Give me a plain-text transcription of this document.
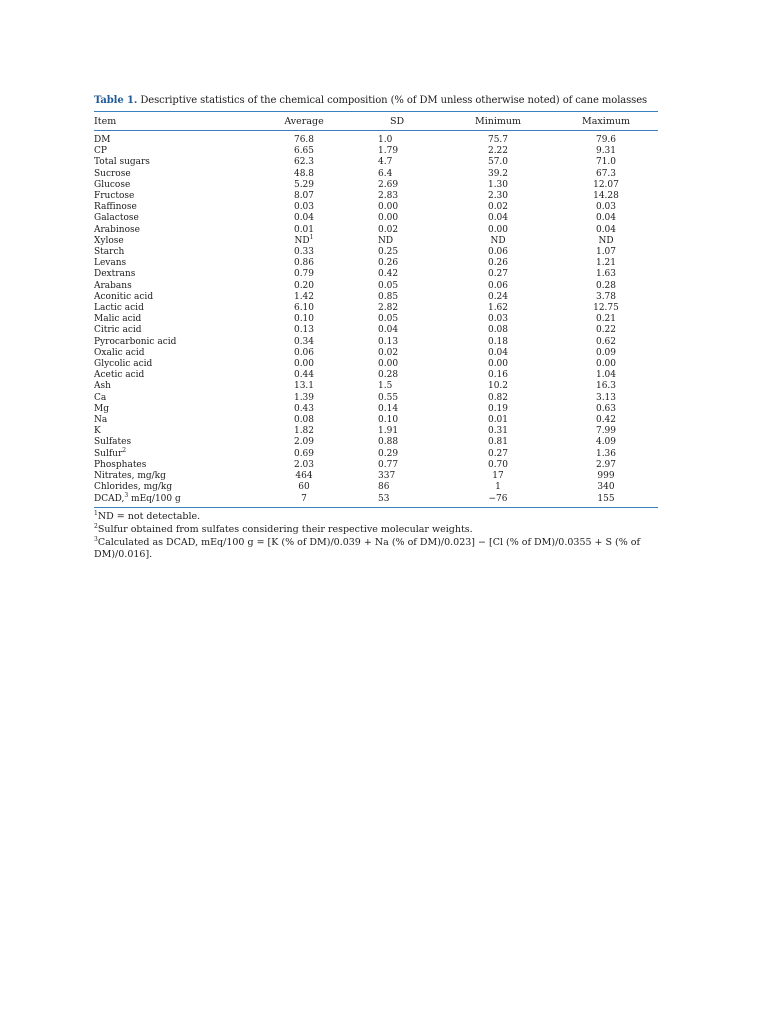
Table 1. Descriptive statistics of the chemical composition (% of DM unless otherwise noted) of cane molasses
Item	Average	SD	Minimum	Maximum

DM	76.8	1.0	75.7	79.6
CP	6.65	1.79	2.22	9.31
Total sugars	62.3	4.7	57.0	71.0
Sucrose	48.8	6.4	39.2	67.3
Glucose	5.29	2.69	1.30	12.07
Fructose	8.07	2.83	2.30	14.28
Raffinose	0.03	0.00	0.02	0.03
Galactose	0.04	0.00	0.04	0.04
Arabinose	0.01	0.02	0.00	0.04
Xylose	$ND^1$	ND	ND	ND
Starch	0.33	0.25	0.06	1.07
Levans	0.86	0.26	0.26	1.21
Dextrans	0.79	0.42	0.27	1.63
Arabans	0.20	0.05	0.06	0.28
Aconitic acid	1.42	0.85	0.24	3.78
Lactic acid	6.10	2.82	1.62	12.75
Malic acid	0.10	0.05	0.03	0.21
Citric acid	0.13	0.04	0.08	0.22
Pyrocarbonic acid	0.34	0.13	0.18	0.62
Oxalic acid	0.06	0.02	0.04	0.09
Glycolic acid	0.00	0.00	0.00	0.00
Acetic acid	0.44	0.28	0.16	1.04
Ash	13.1	1.5	10.2	16.3
Ca	1.39	0.55	0.82	3.13
Mg	0.43	0.14	0.19	0.63
Na	0.08	0.10	0.01	0.42
K	1.82	1.91	0.31	7.99
Sulfates	2.09	0.88	0.81	4.09
Sulfur$^2$	0.69	0.29	0.27	1.36
Phosphates	2.03	0.77	0.70	2.97
Nitrates, mg/kg	464	337	17	999
Chlorides, mg/kg	60	86	1	340
DCAD,$^3$ mEq/100 g	7	53	−76	155

$^1$ND = not detectable.

$^2$Sulfur obtained from sulfates considering their respective molecular weights.

$^3$Calculated as DCAD, mEq/100 g = [K (% of DM)/0.039 + Na (% of DM)/0.023] − [Cl (% of DM)/0.0355 + S (% of DM)/0.016].
